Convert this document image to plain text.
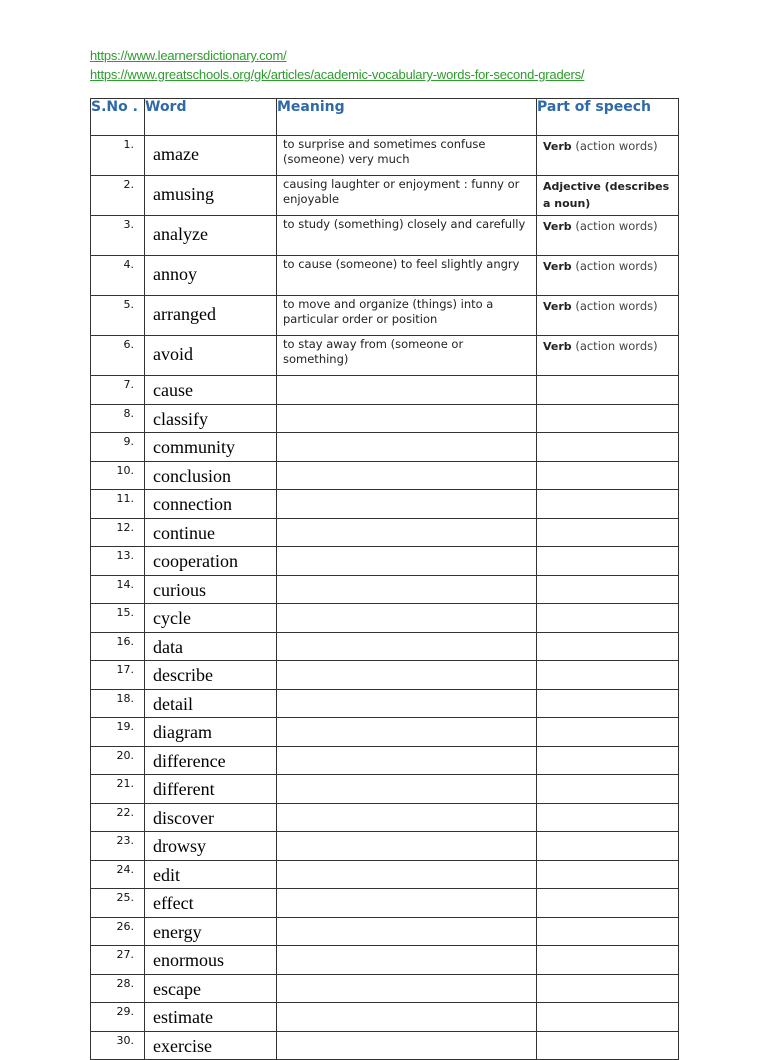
https://www.learnersdictionary.com/
https://www.greatschools.org/gk/articles/academic-vocabulary-words-for-second-graders/
S.No .	Word	Meaning	Part of speech
1.	amaze	to surprise and sometimes confuse (someone) very much	Verb (action words)
2.	amusing	causing laughter or enjoyment : funny or enjoyable	Adjective (describes a noun)
3.	analyze	to study (something) closely and carefully	Verb (action words)
4.	annoy	to cause (someone) to feel slightly angry	Verb (action words)
5.	arranged	to move and organize (things) into a particular order or position	Verb (action words)
6.	avoid	to stay away from (someone or something)	Verb (action words)
7.	cause		
8.	classify		
9.	community		
10.	conclusion		
11.	connection		
12.	continue		
13.	cooperation		
14.	curious		
15.	cycle		
16.	data		
17.	describe		
18.	detail		
19.	diagram		
20.	difference		
21.	different		
22.	discover		
23.	drowsy		
24.	edit		
25.	effect		
26.	energy		
27.	enormous		
28.	escape		
29.	estimate		
30.	exercise		
